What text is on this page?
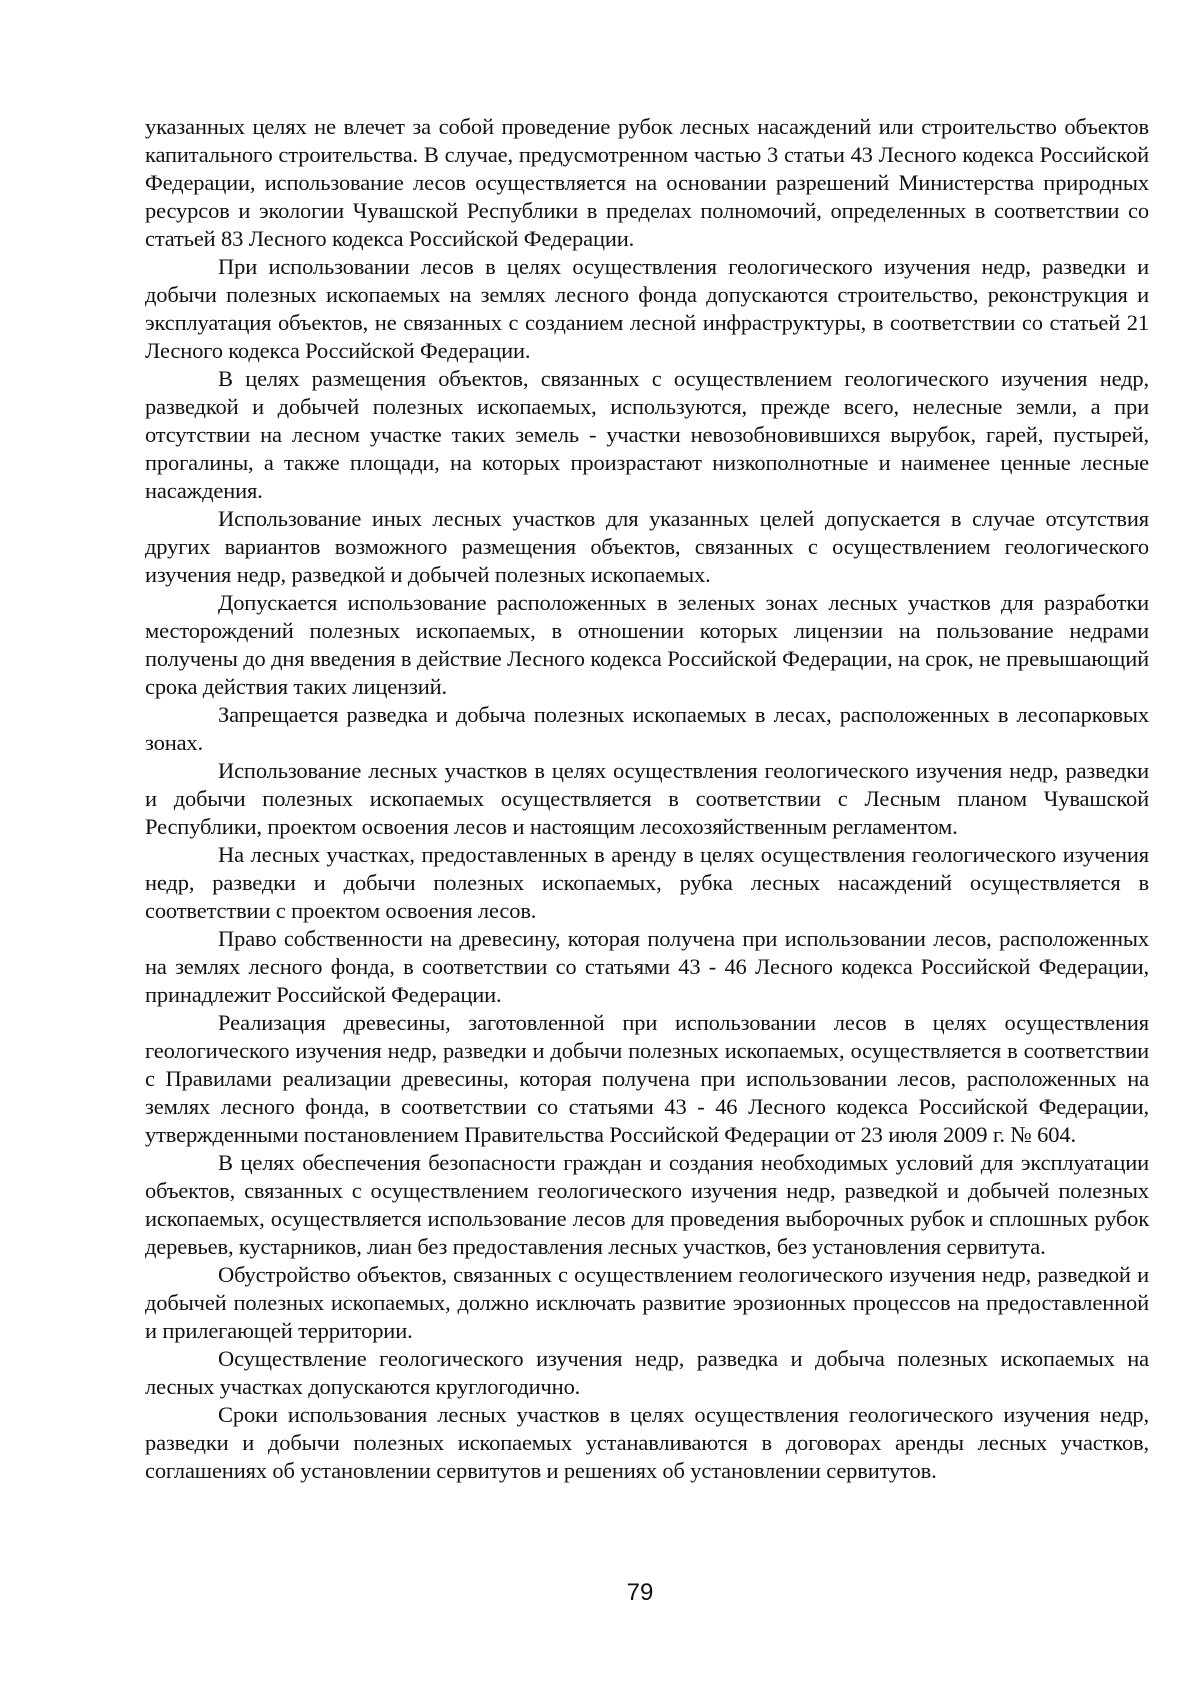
указанных целях не влечет за собой проведение рубок лесных насаждений или строительство объектов капитального строительства. В случае, предусмотренном частью 3 статьи 43 Лесного кодекса Российской Федерации, использование лесов осуществляется на основании разрешений Министерства природных ресурсов и экологии Чувашской Республики в пределах полномочий, определенных в соответствии со статьей 83 Лесного кодекса Российской Федерации.

При использовании лесов в целях осуществления геологического изучения недр, разведки и добычи полезных ископаемых на землях лесного фонда допускаются строительство, реконструкция и эксплуатация объектов, не связанных с созданием лесной инфраструктуры, в соответствии со статьей 21 Лесного кодекса Российской Федерации.

В целях размещения объектов, связанных с осуществлением геологического изучения недр, разведкой и добычей полезных ископаемых, используются, прежде всего, нелесные земли, а при отсутствии на лесном участке таких земель - участки невозобновившихся вырубок, гарей, пустырей, прогалины, а также площади, на которых произрастают низкополнотные и наименее ценные лесные насаждения.

Использование иных лесных участков для указанных целей допускается в случае отсутствия других вариантов возможного размещения объектов, связанных с осуществлением геологического изучения недр, разведкой и добычей полезных ископаемых.

Допускается использование расположенных в зеленых зонах лесных участков для разработки месторождений полезных ископаемых, в отношении которых лицензии на пользование недрами получены до дня введения в действие Лесного кодекса Российской Федерации, на срок, не превышающий срока действия таких лицензий.

Запрещается разведка и добыча полезных ископаемых в лесах, расположенных в лесопарковых зонах.

Использование лесных участков в целях осуществления геологического изучения недр, разведки и добычи полезных ископаемых осуществляется в соответствии с Лесным планом Чувашской Республики, проектом освоения лесов и настоящим лесохозяйственным регламентом.

На лесных участках, предоставленных в аренду в целях осуществления геологического изучения недр, разведки и добычи полезных ископаемых, рубка лесных насаждений осуществляется в соответствии с проектом освоения лесов.

Право собственности на древесину, которая получена при использовании лесов, расположенных на землях лесного фонда, в соответствии со статьями 43 - 46 Лесного кодекса Российской Федерации, принадлежит Российской Федерации.

Реализация древесины, заготовленной при использовании лесов в целях осуществления геологического изучения недр, разведки и добычи полезных ископаемых, осуществляется в соответствии с Правилами реализации древесины, которая получена при использовании лесов, расположенных на землях лесного фонда, в соответствии со статьями 43 - 46 Лесного кодекса Российской Федерации, утвержденными постановлением Правительства Российской Федерации от 23 июля 2009 г. № 604.

В целях обеспечения безопасности граждан и создания необходимых условий для эксплуатации объектов, связанных с осуществлением геологического изучения недр, разведкой и добычей полезных ископаемых, осуществляется использование лесов для проведения выборочных рубок и сплошных рубок деревьев, кустарников, лиан без предоставления лесных участков, без установления сервитута.

Обустройство объектов, связанных с осуществлением геологического изучения недр, разведкой и добычей полезных ископаемых, должно исключать развитие эрозионных процессов на предоставленной и прилегающей территории.

Осуществление геологического изучения недр, разведка и добыча полезных ископаемых на лесных участках допускаются круглогодично.

Сроки использования лесных участков в целях осуществления геологического изучения недр, разведки и добычи полезных ископаемых устанавливаются в договорах аренды лесных участков, соглашениях об установлении сервитутов и решениях об установлении сервитутов.

79
